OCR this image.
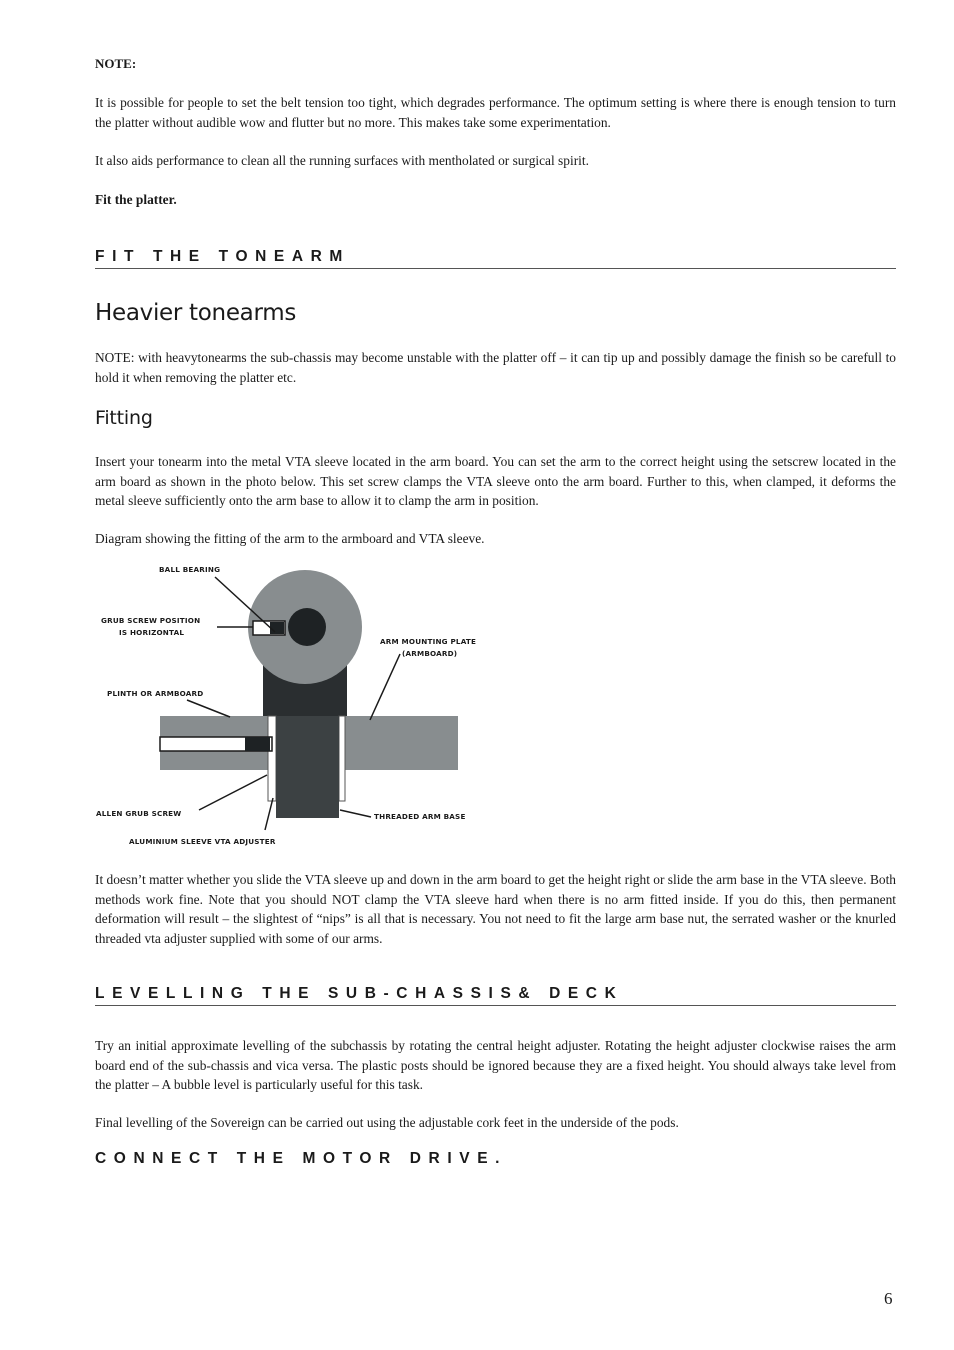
NOTE:

It is possible for people to set the belt tension too tight, which degrades performance. The optimum setting is where there is enough tension to turn the platter without audible wow and flutter but no more. This makes take some experimentation.

It also aids performance to clean all the running surfaces with mentholated or surgical spirit.

Fit the platter.

FIT THE TONEARM
Heavier tonearms

NOTE: with heavytonearms the sub-chassis may become unstable with the platter off – it can tip up and possibly damage the finish so be carefull to hold it when removing the platter etc.

Fitting

Insert your tonearm into the metal VTA sleeve located in the arm board. You can set the arm to the correct height using the setscrew located in the arm board as shown in the photo below. This set screw clamps the VTA sleeve onto the arm board. Further to this, when clamped, it deforms the metal sleeve sufficiently onto the arm base to allow it to clamp the arm in position.

Diagram showing the fitting of the arm to the armboard and VTA sleeve.

BALL BEARING
GRUB SCREW POSITION
IS HORIZONTAL
ARM MOUNTING PLATE
(ARMBOARD)
PLINTH OR ARMBOARD
ALLEN GRUB SCREW	THREADED ARM BASE
ALUMINIUM SLEEVE VTA ADJUSTER

It doesn’t matter whether you slide the VTA sleeve up and down in the arm board to get the height right or slide the arm base in the VTA sleeve. Both methods work fine. Note that you should NOT clamp the VTA sleeve hard when there is no arm fitted inside. If you do this, then permanent deformation will result – the slightest of “nips” is all that is necessary. You not need to fit the large arm base nut, the serrated washer or the knurled threaded vta adjuster supplied with some of our arms.

LEVELLING THE SUB-CHASSIS& DECK

Try an initial approximate levelling of the subchassis by rotating the central height adjuster. Rotating the height adjuster clockwise raises the arm board end of the sub-chassis and vica versa. The plastic posts should be ignored because they are a fixed height. You should always take level from the platter – A bubble level is particularly useful for this task.

Final levelling of the Sovereign can be carried out using the adjustable cork feet in the underside of the pods.

CONNECT THE MOTOR DRIVE.
6
